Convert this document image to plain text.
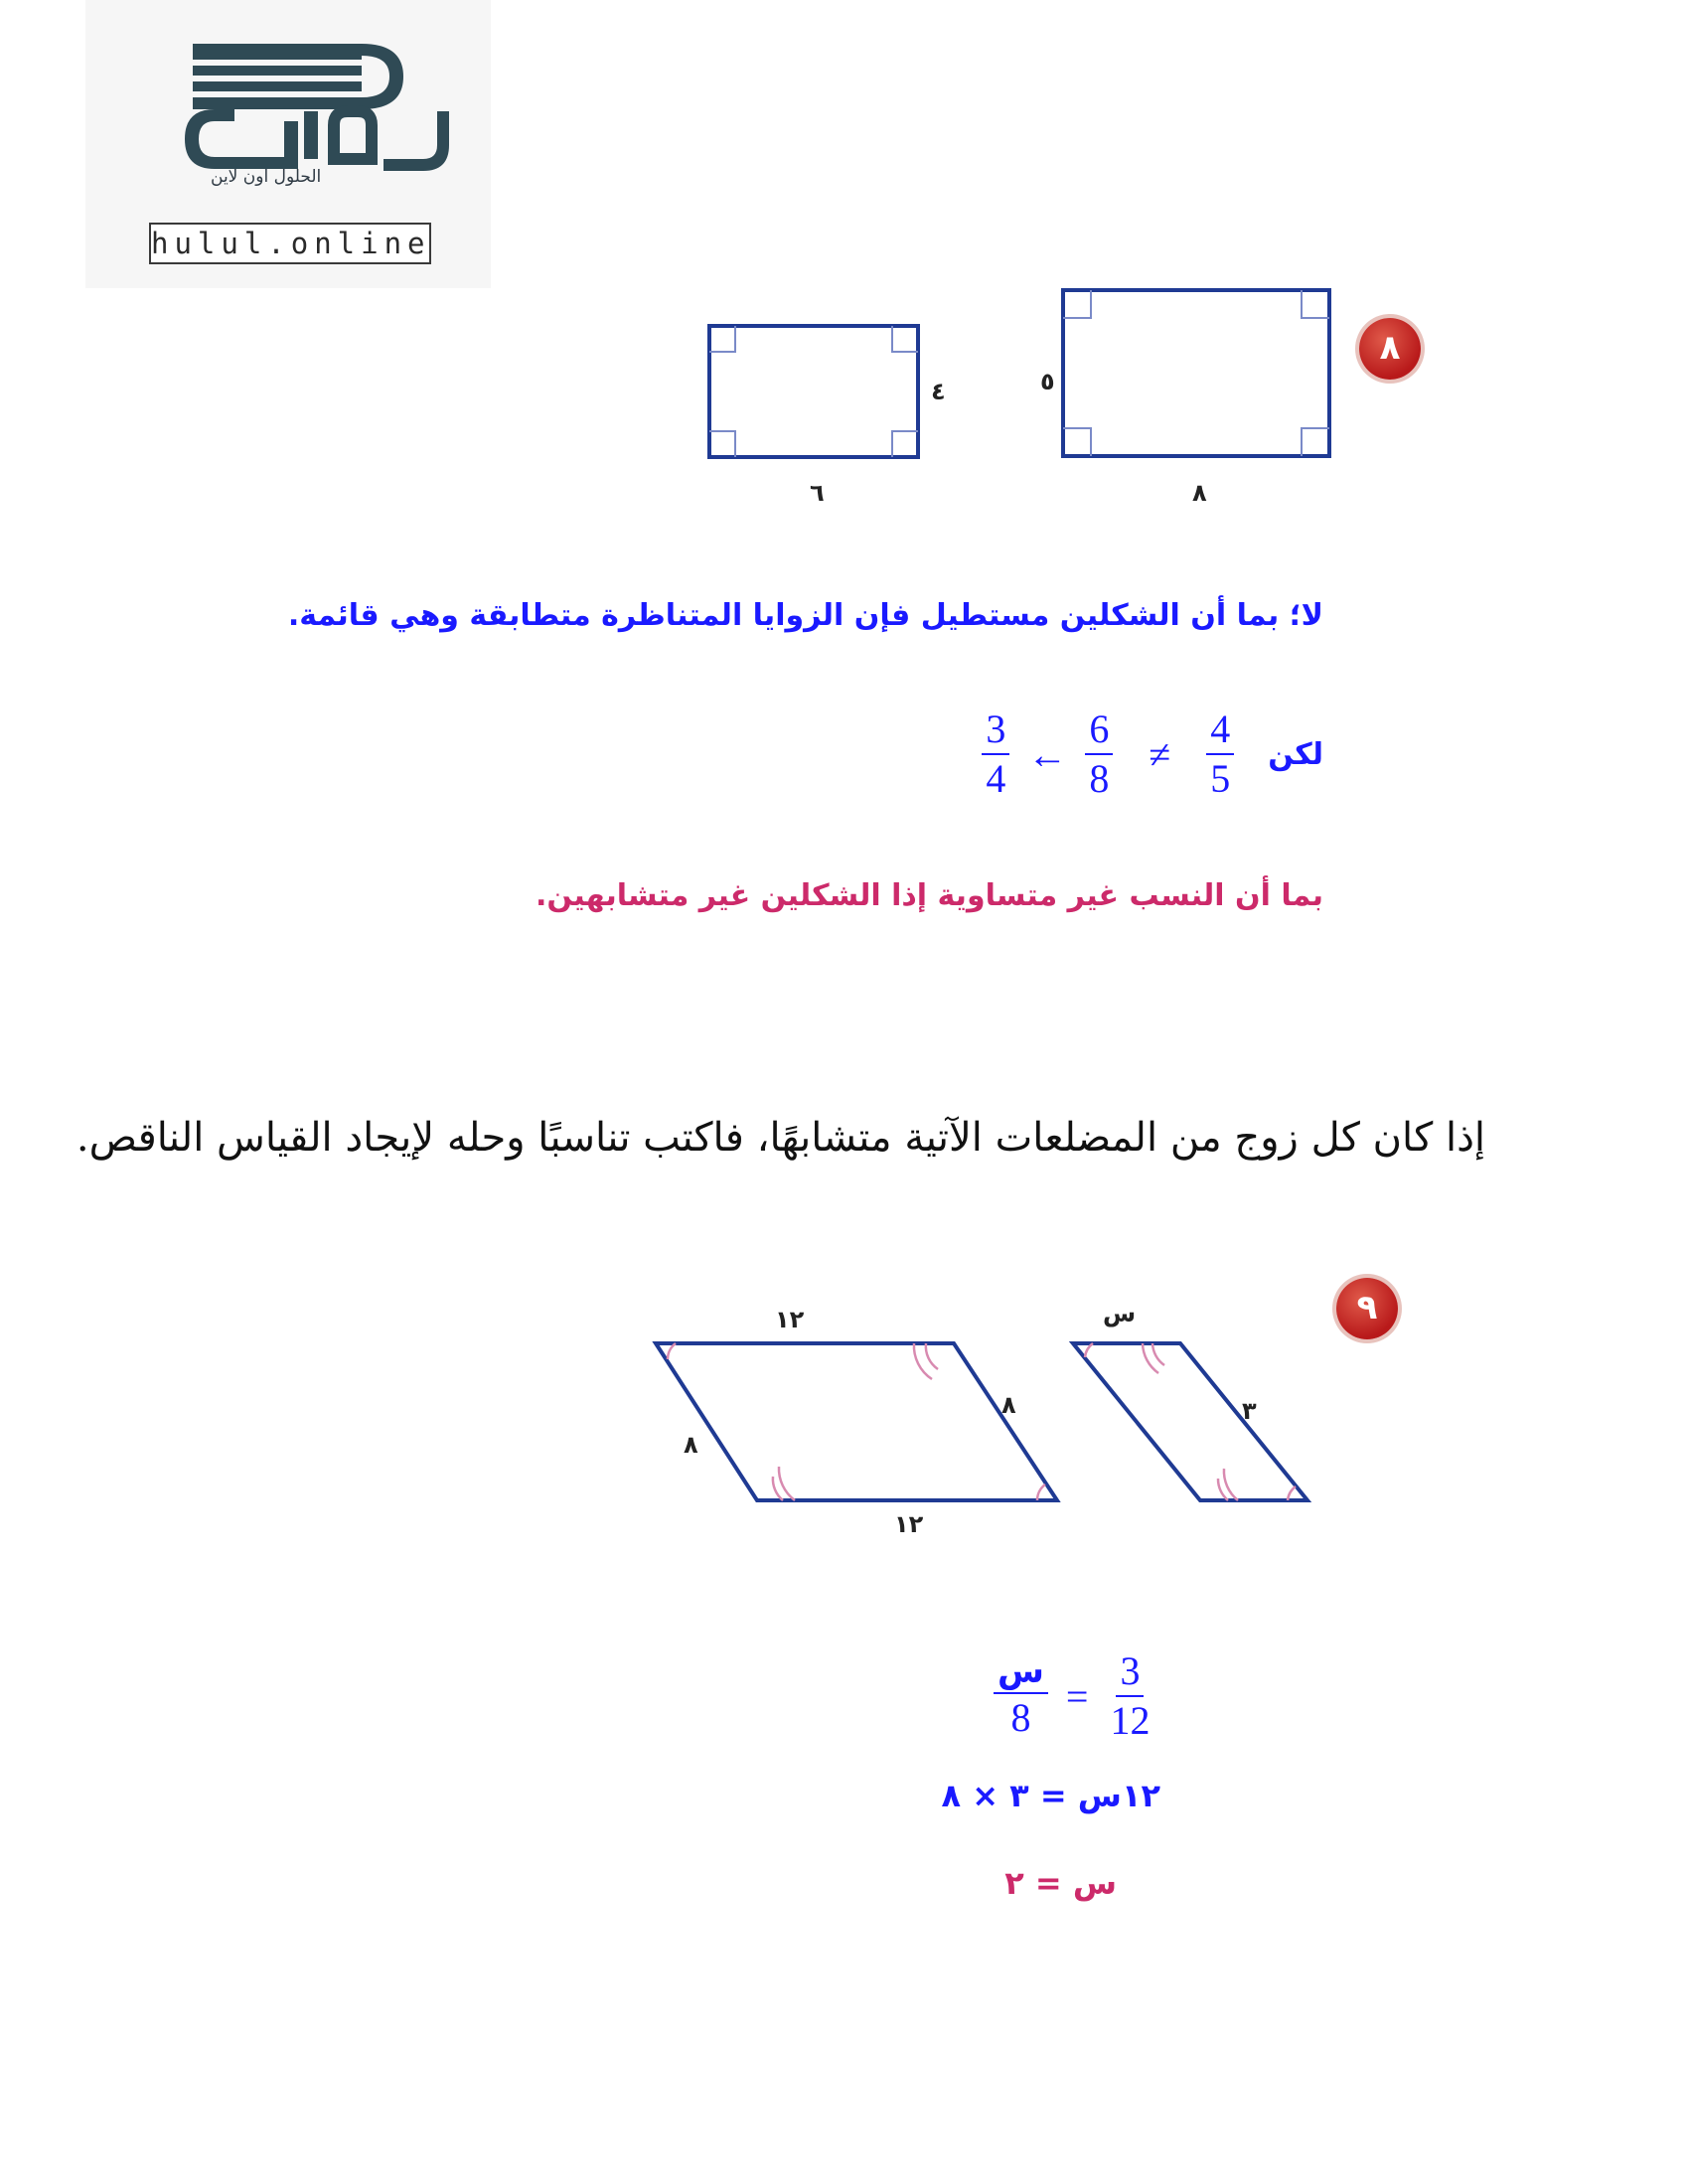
الحلول اون لاين
hulul.online
٨
٥
٨
٤
٦
لا؛ بما أن الشكلين مستطيل فإن الزوايا المتناظرة متطابقة وهي قائمة.
$\frac{3}{4}$ ← $\frac{6}{8} \ne \frac{4}{5}$ لكن
بما أن النسب غير متساوية إذا الشكلين غير متشابهين.
إذا كان كل زوج من المضلعات الآتية متشابهًا، فاكتب تناسبًا وحله لإيجاد القياس الناقص.
٩
١٢
٨
٨
١٢
س
٣
$\frac{\text{س}}{8} = \frac{3}{12}$
١٢س = ٣ × ٨
س = ٢
